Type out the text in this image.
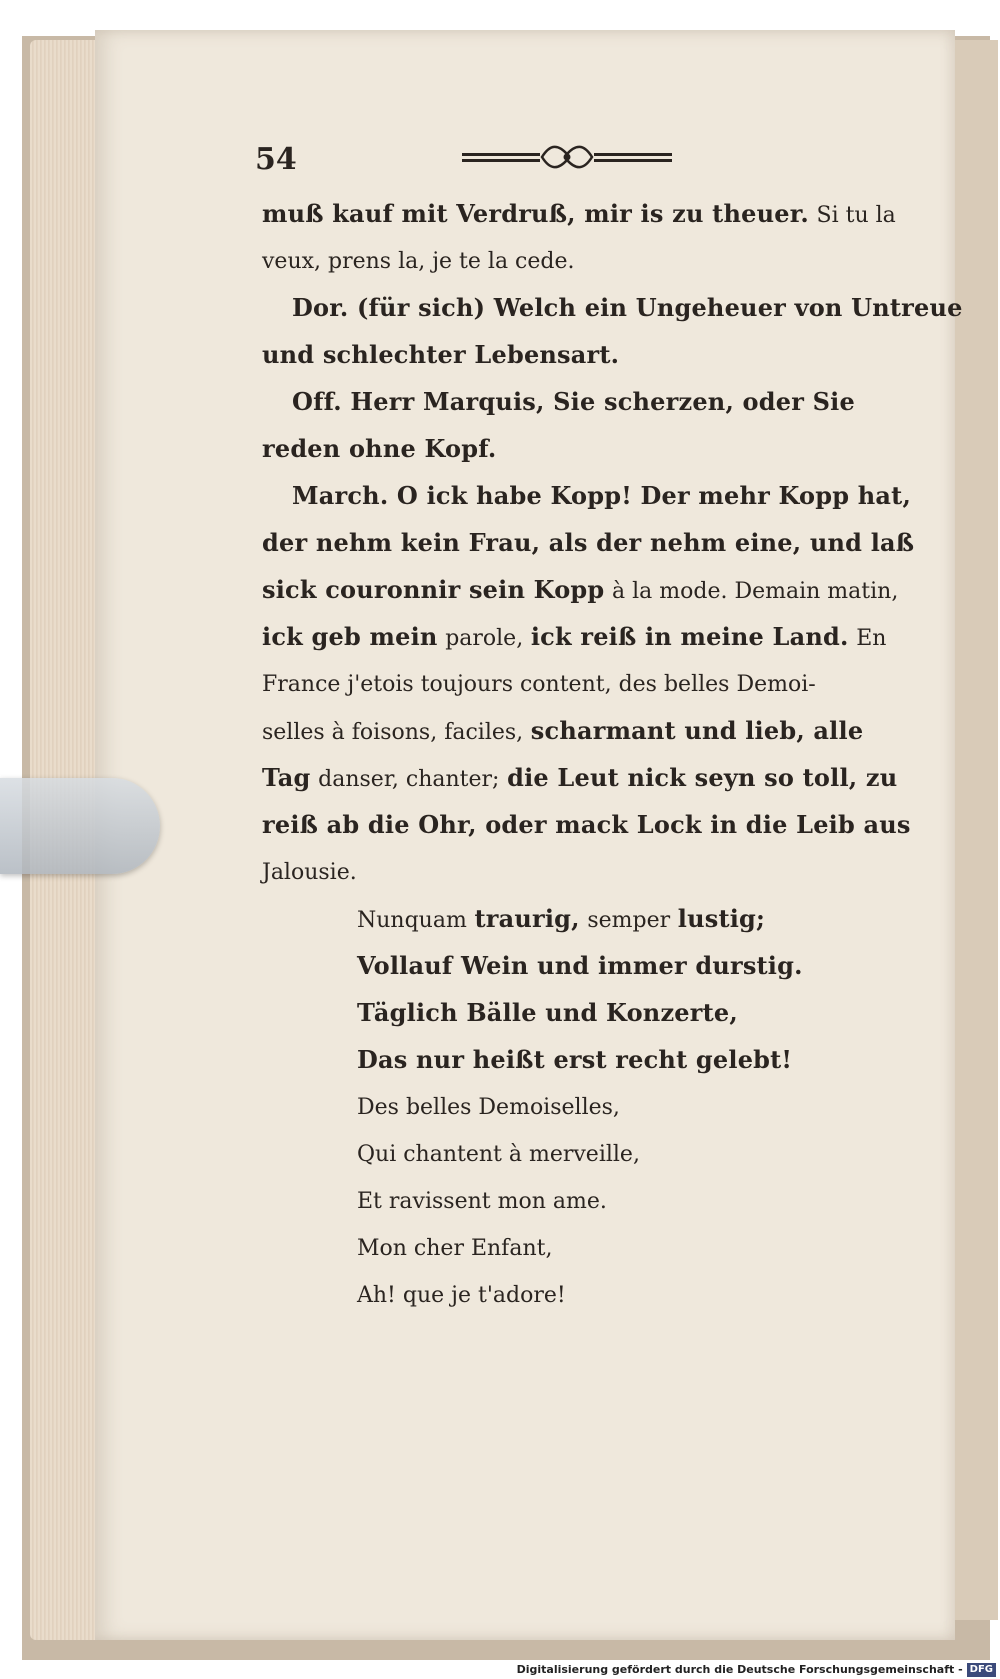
54
muß kauf mit Verdruß, mir is zu theuer. Si tu la
veux, prens la, je te la cede.
Dor. (für sich) Welch ein Ungeheuer von Untreue
und schlechter Lebensart.
Off. Herr Marquis, Sie scherzen, oder Sie
reden ohne Kopf.
March. O ick habe Kopp! Der mehr Kopp hat,
der nehm kein Frau, als der nehm eine, und laß
sick couronnir sein Kopp à la mode. Demain matin,
ick geb mein parole, ick reiß in meine Land. En
France j'etois toujours content, des belles Demoi-
selles à foisons, faciles, scharmant und lieb, alle
Tag danser, chanter; die Leut nick seyn so toll, zu
reiß ab die Ohr, oder mack Lock in die Leib aus
Jalousie.
Nunquam traurig, semper lustig;
Vollauf Wein und immer durstig.
Täglich Bälle und Konzerte,
Das nur heißt erst recht gelebt!
Des belles Demoiselles,
Qui chantent à merveille,
Et ravissent mon ame.
Mon cher Enfant,
Ah! que je t'adore!
Digitalisierung gefördert durch die Deutsche Forschungsgemeinschaft - DFG
